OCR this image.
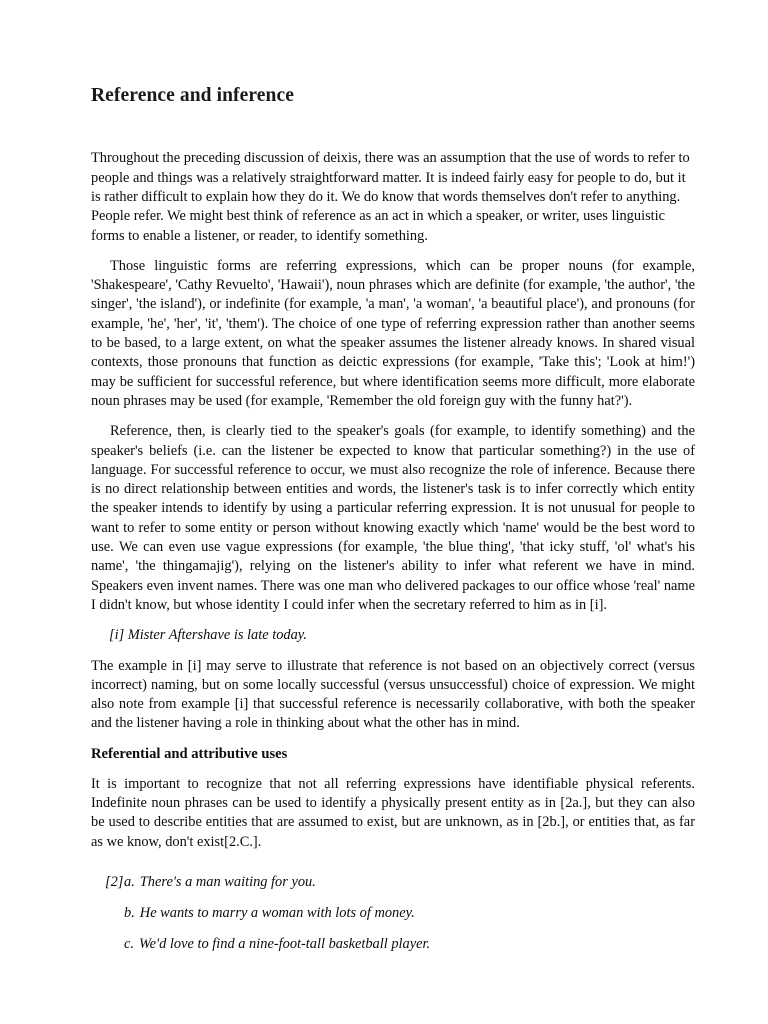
Reference and inference

Throughout the preceding discussion of deixis, there was an assumption that the use of words to refer to people and things was a relatively straightforward matter. It is indeed fairly easy for people to do, but it is rather difficult to explain how they do it. We do know that words themselves don't refer to anything. People refer. We might best think of reference as an act in which a speaker, or writer, uses linguistic forms to enable a listener, or reader, to identify something.

Those linguistic forms are referring expressions, which can be proper nouns (for example, 'Shakespeare', 'Cathy Revuelto', 'Hawaii'), noun phrases which are definite (for example, 'the author', 'the singer', 'the island'), or indefinite (for example, 'a man', 'a woman', 'a beautiful place'), and pronouns (for example, 'he', 'her', 'it', 'them'). The choice of one type of referring expression rather than another seems to be based, to a large extent, on what the speaker assumes the listener already knows. In shared visual contexts, those pronouns that function as deictic expressions (for example, 'Take this'; 'Look at him!') may be sufficient for successful reference, but where identification seems more difficult, more elaborate noun phrases may be used (for example, 'Remember the old foreign guy with the funny hat?').

Reference, then, is clearly tied to the speaker's goals (for example, to identify something) and the speaker's beliefs (i.e. can the listener be expected to know that particular something?) in the use of language. For successful reference to occur, we must also recognize the role of inference. Because there is no direct relationship between entities and words, the listener's task is to infer correctly which entity the speaker intends to identify by using a particular referring expression. It is not unusual for people to want to refer to some entity or person without knowing exactly which 'name' would be the best word to use. We can even use vague expressions (for example, 'the blue thing', 'that icky stuff, 'ol' what's his name', 'the thingamajig'), relying on the listener's ability to infer what referent we have in mind. Speakers even invent names. There was one man who delivered packages to our office whose 'real' name I didn't know, but whose identity I could infer when the secretary referred to him as in [i].

[i] Mister Aftershave is late today.

The example in [i] may serve to illustrate that reference is not based on an objectively correct (versus incorrect) naming, but on some locally successful (versus unsuccessful) choice of expression. We might also note from example [i] that successful reference is necessarily collaborative, with both the speaker and the listener having a role in thinking about what the other has in mind.

Referential and attributive uses

It is important to recognize that not all referring expressions have identifiable physical referents. Indefinite noun phrases can be used to identify a physically present entity as in [2a.], but they can also be used to describe entities that are assumed to exist, but are unknown, as in [2b.], or entities that, as far as we know, don't exist[2.C.].

[2] a. There's a man waiting for you.
b. He wants to marry a woman with lots of money.
c. We'd love to find a nine-foot-tall basketball player.
